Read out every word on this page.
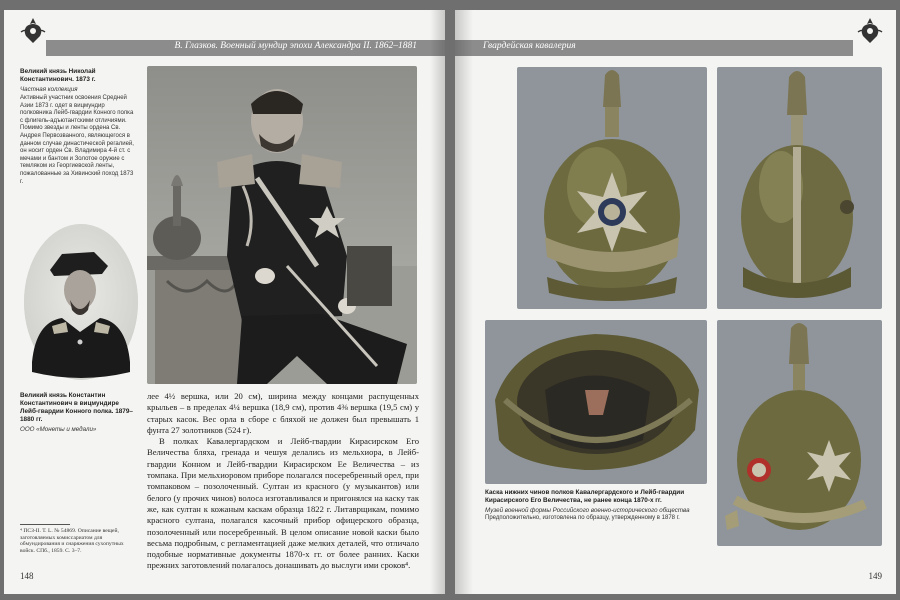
В. Глазков. Военный мундир эпохи Александра II. 1862–1881
Великий князь Николай Константинович. 1873 г.
Частная коллекция
Активный участник освоения Средней Азии 1873 г. одет в вицмундир полковника Лейб-гвардии Конного полка с флигель-адъютантскими отличиями. Помимо звезды и ленты ордена Св. Андрея Первозванного, являющегося в данном случае династической регалией, он носит орден Св. Владимира 4-й ст. с мечами и бантом и Золотое оружие с темляком из Георгиевской ленты, пожалованные за Хивинский поход 1873 г.
Великий князь Константин Константинович в вицмундире Лейб-гвардии Конного полка. 1879–1880 гг.
ООО «Монеты и медали»

лее 4½ вершка, или 20 см), ширина между концами распущенных крыльев – в пределах 4¼ вершка (18,9 см), против 4⅜ вершка (19,5 см) у старых касок. Вес орла в сборе с бляхой не должен был превышать 1 фунта 27 золотников (524 г).

В полках Кавалергардском и Лейб-гвардии Кирасирском Его Величества бляха, гренада и чешуя делались из мельхиора, в Лейб-гвардии Конном и Лейб-гвардии Кирасирском Ее Величества – из томпака. При мельхиоровом приборе полагался посеребренный орел, при томпаковом – позолоченный. Султан из красного (у музыкантов) или белого (у прочих чинов) волоса изготавливался и пригонялся на каску так же, как султан к кожаным каскам образца 1822 г. Литаврщикам, помимо красного султана, полагался касочный прибор офицерского образца, позолоченный или посеребренный. В целом описание новой каски было весьма подробным, с регламентацией даже мелких деталей, что отличало подобные нормативные документы 1870-х гг. от более ранних. Каски прежних заготовлений полагалось донашивать до выслуги ими сроков⁴.

⁴ ПСЗ-II. Т. L. № 54869. Описание вещей, заготовляемых комиссариатом для обмундирования и снаряжения сухопутных войск. СПб., 1859. С. 3–7.
148
Гвардейская кавалерия
Каска нижних чинов полков Кавалергардского и Лейб-гвардии Кирасирского Его Величества, не ранее конца 1870-х гг.
Музей военной формы Российского военно-исторического общества
Предположительно, изготовлена по образцу, утвержденному в 1878 г.
149
